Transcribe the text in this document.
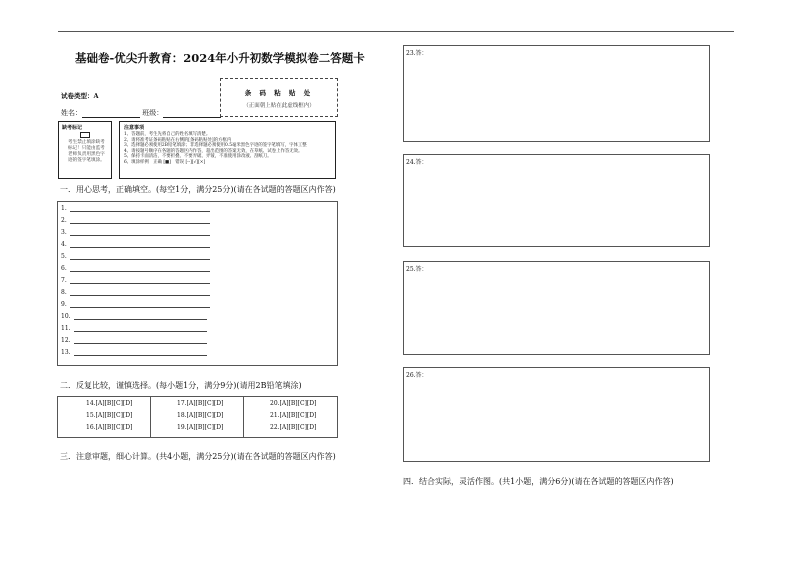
基础卷-优尖升教育：2024年小升初数学模拟卷二答题卡
试卷类型：A
姓名：	班级：
条 码 粘 贴 处
（正面朝上贴在此虚线框内）
缺考标记
考生禁止填涂缺考标记！只能由监考老师负责用黑色字迹的签字笔填涂。
注意事项
1、答题前，考生先将自己的姓名填写清楚。
2、请将准考证条码粘贴在右侧的[条码粘贴处]的方框内
3、选择题必须使用2B铅笔填涂；非选择题必须使用0.5毫米黑色字迹的签字笔填写，字体工整
4、请按题号顺序在各题的答题区内作答，超出范围的答案无效，在草纸、试卷上作答无效。
5、保持卡面清洁，不要折叠、不要弄破、弄皱，不准使用涂改液、刮纸刀。
6、填涂样例　正确 [■]　错误 [--][√][×]
一．用心思考，正确填空。(每空1分，满分25分)(请在各试题的答题区内作答)
1.
2.
3.
4.
5.
6.
7.
8.
9.
10.
11.
12.
13.
二．反复比较，谨慎选择。(每小题1分，满分9分)(请用2B铅笔填涂)
14.[A][B][C][D]	17.[A][B][C][D]	20.[A][B][C][D]
15.[A][B][C][D]	18.[A][B][C][D]	21.[A][B][C][D]
16.[A][B][C][D]	19.[A][B][C][D]	22.[A][B][C][D]
三．注意审题，细心计算。(共4小题，满分25分)(请在各试题的答题区内作答)
23.答：
24.答：
25.答：
26.答：
四．结合实际，灵活作图。(共1小题，满分6分)(请在各试题的答题区内作答)
